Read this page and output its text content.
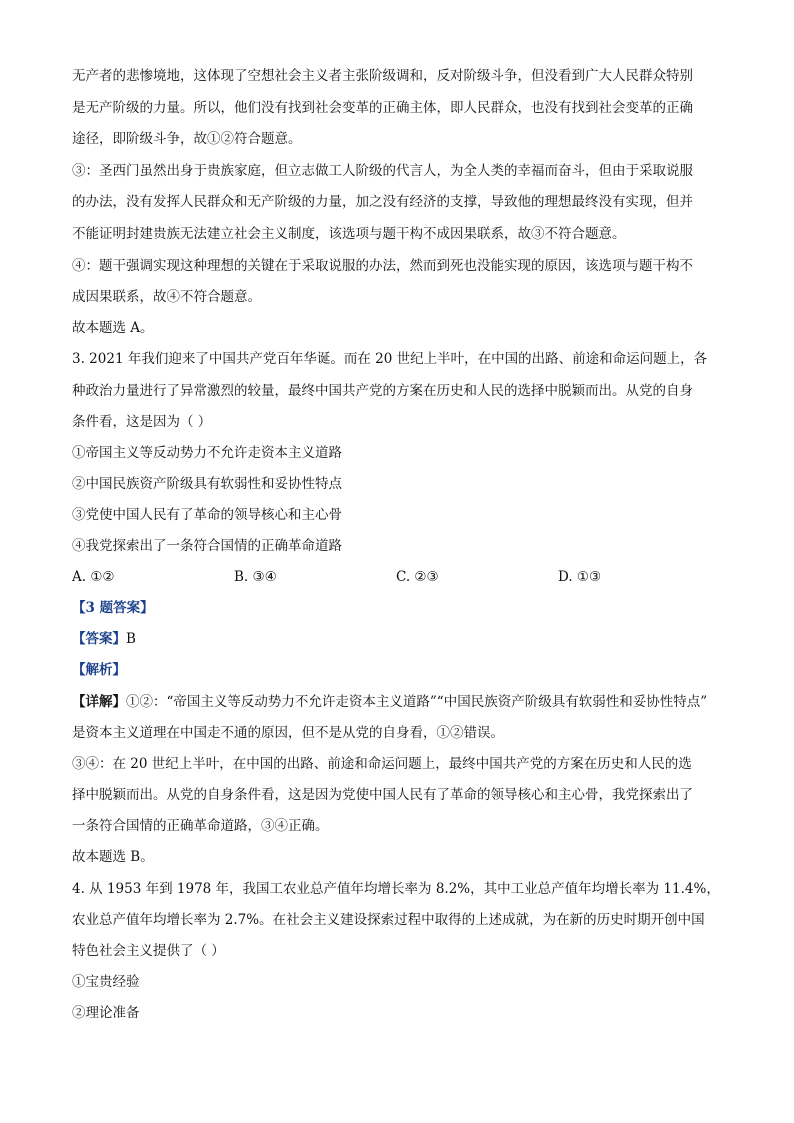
无产者的悲惨境地，这体现了空想社会主义者主张阶级调和，反对阶级斗争，但没看到广大人民群众特别
是无产阶级的力量。所以，他们没有找到社会变革的正确主体，即人民群众，也没有找到社会变革的正确
途径，即阶级斗争，故①②符合题意。
③：圣西门虽然出身于贵族家庭，但立志做工人阶级的代言人，为全人类的幸福而奋斗，但由于采取说服
的办法，没有发挥人民群众和无产阶级的力量，加之没有经济的支撑，导致他的理想最终没有实现，但并
不能证明封建贵族无法建立社会主义制度，该选项与题干构不成因果联系，故③不符合题意。
④：题干强调实现这种理想的关键在于采取说服的办法，然而到死也没能实现的原因，该选项与题干构不
成因果联系，故④不符合题意。
故本题选 A。
3. 2021 年我们迎来了中国共产党百年华诞。而在 20 世纪上半叶，在中国的出路、前途和命运问题上，各
种政治力量进行了异常激烈的较量，最终中国共产党的方案在历史和人民的选择中脱颖而出。从党的自身
条件看，这是因为（ ）
①帝国主义等反动势力不允许走资本主义道路
②中国民族资产阶级具有软弱性和妥协性特点
③党使中国人民有了革命的领导核心和主心骨
④我党探索出了一条符合国情的正确革命道路
A. ①②	B. ③④	C. ②③	D. ①③
【3 题答案】
【答案】B
【解析】
【详解】①②：“帝国主义等反动势力不允许走资本主义道路”“中国民族资产阶级具有软弱性和妥协性特点”
是资本主义道理在中国走不通的原因，但不是从党的自身看，①②错误。
③④：在 20 世纪上半叶，在中国的出路、前途和命运问题上，最终中国共产党的方案在历史和人民的选
择中脱颖而出。从党的自身条件看，这是因为党使中国人民有了革命的领导核心和主心骨，我党探索出了
一条符合国情的正确革命道路，③④正确。
故本题选 B。
4. 从 1953 年到 1978 年，我国工农业总产值年均增长率为 8.2%，其中工业总产值年均增长率为 11.4%，
农业总产值年均增长率为 2.7%。在社会主义建设探索过程中取得的上述成就，为在新的历史时期开创中国
特色社会主义提供了（ ）
①宝贵经验
②理论准备
